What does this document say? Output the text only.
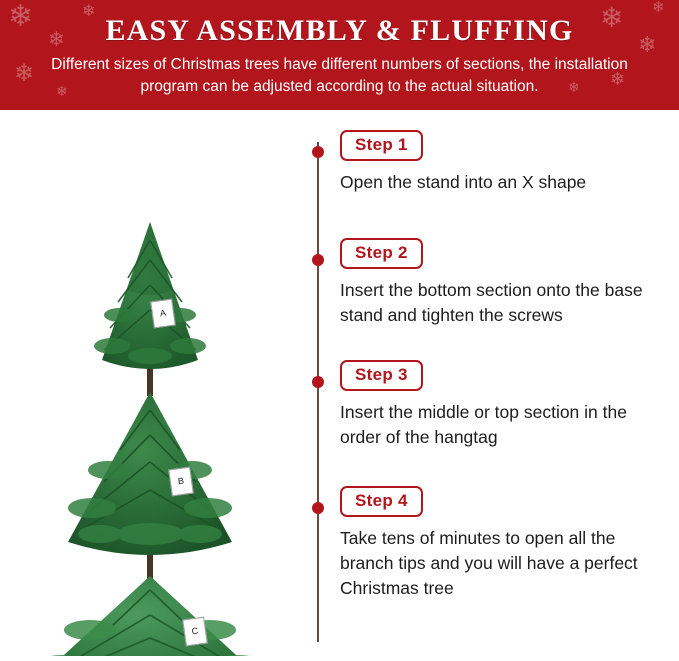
❄
❄
❄
❄
❄
❄
❄
❄
❄
❄
EASY ASSEMBLY & FLUFFING

Different sizes of Christmas trees have different numbers of sections, the installation program can be adjusted according to the actual situation.

A
B
C
Step 1

Open the stand into an X shape

Step 2

Insert the bottom section onto the base stand and tighten the screws

Step 3

Insert the middle or top section in the order of the hangtag

Step 4

Take tens of minutes to open all the branch tips and you will have a perfect Christmas tree
